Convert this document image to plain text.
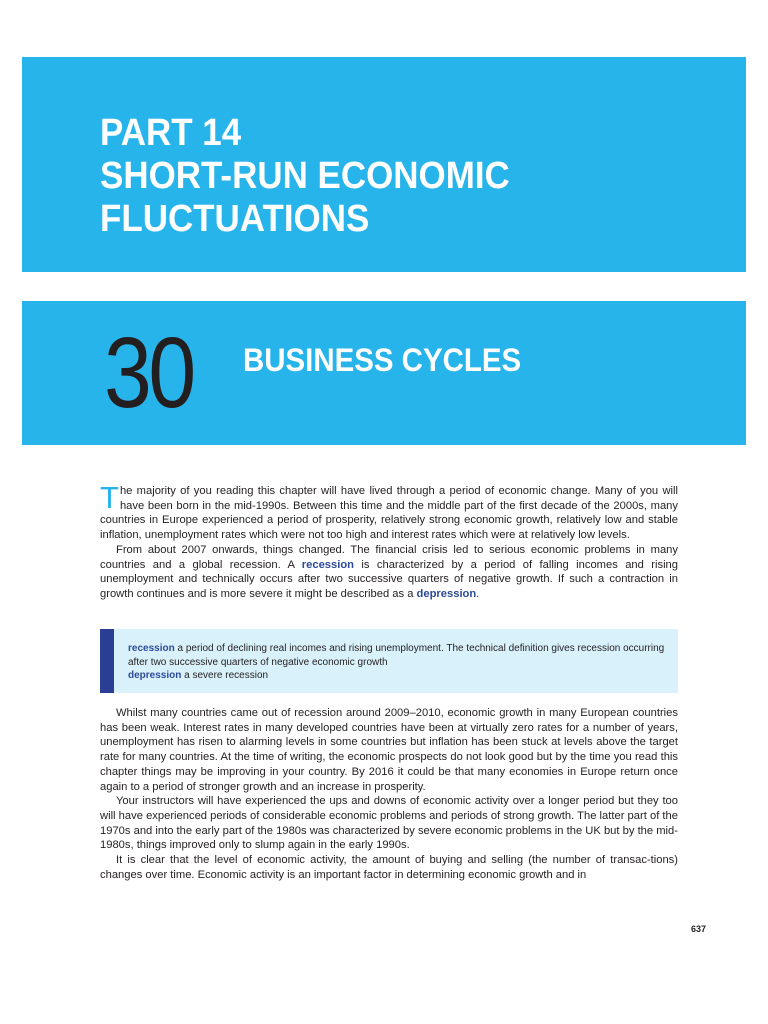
PART 14
SHORT-RUN ECONOMIC
FLUCTUATIONS
30 BUSINESS CYCLES

The majority of you reading this chapter will have lived through a period of economic change. Many of you will have been born in the mid-1990s. Between this time and the middle part of the first decade of the 2000s, many countries in Europe experienced a period of prosperity, relatively strong economic growth, relatively low and stable inflation, unemployment rates which were not too high and interest rates which were at relatively low levels.

From about 2007 onwards, things changed. The financial crisis led to serious economic problems in many countries and a global recession. A recession is characterized by a period of falling incomes and rising unemployment and technically occurs after two successive quarters of negative growth. If such a contraction in growth continues and is more severe it might be described as a depression.

recession a period of declining real incomes and rising unemployment. The technical definition gives recession occurring after two successive quarters of negative economic growth
depression a severe recession

Whilst many countries came out of recession around 2009–2010, economic growth in many European countries has been weak. Interest rates in many developed countries have been at virtually zero rates for a number of years, unemployment has risen to alarming levels in some countries but inflation has been stuck at levels above the target rate for many countries. At the time of writing, the economic prospects do not look good but by the time you read this chapter things may be improving in your country. By 2016 it could be that many economies in Europe return once again to a period of stronger growth and an increase in prosperity.

Your instructors will have experienced the ups and downs of economic activity over a longer period but they too will have experienced periods of considerable economic problems and periods of strong growth. The latter part of the 1970s and into the early part of the 1980s was characterized by severe economic problems in the UK but by the mid-1980s, things improved only to slump again in the early 1990s.

It is clear that the level of economic activity, the amount of buying and selling (the number of transac-tions) changes over time. Economic activity is an important factor in determining economic growth and in

637
